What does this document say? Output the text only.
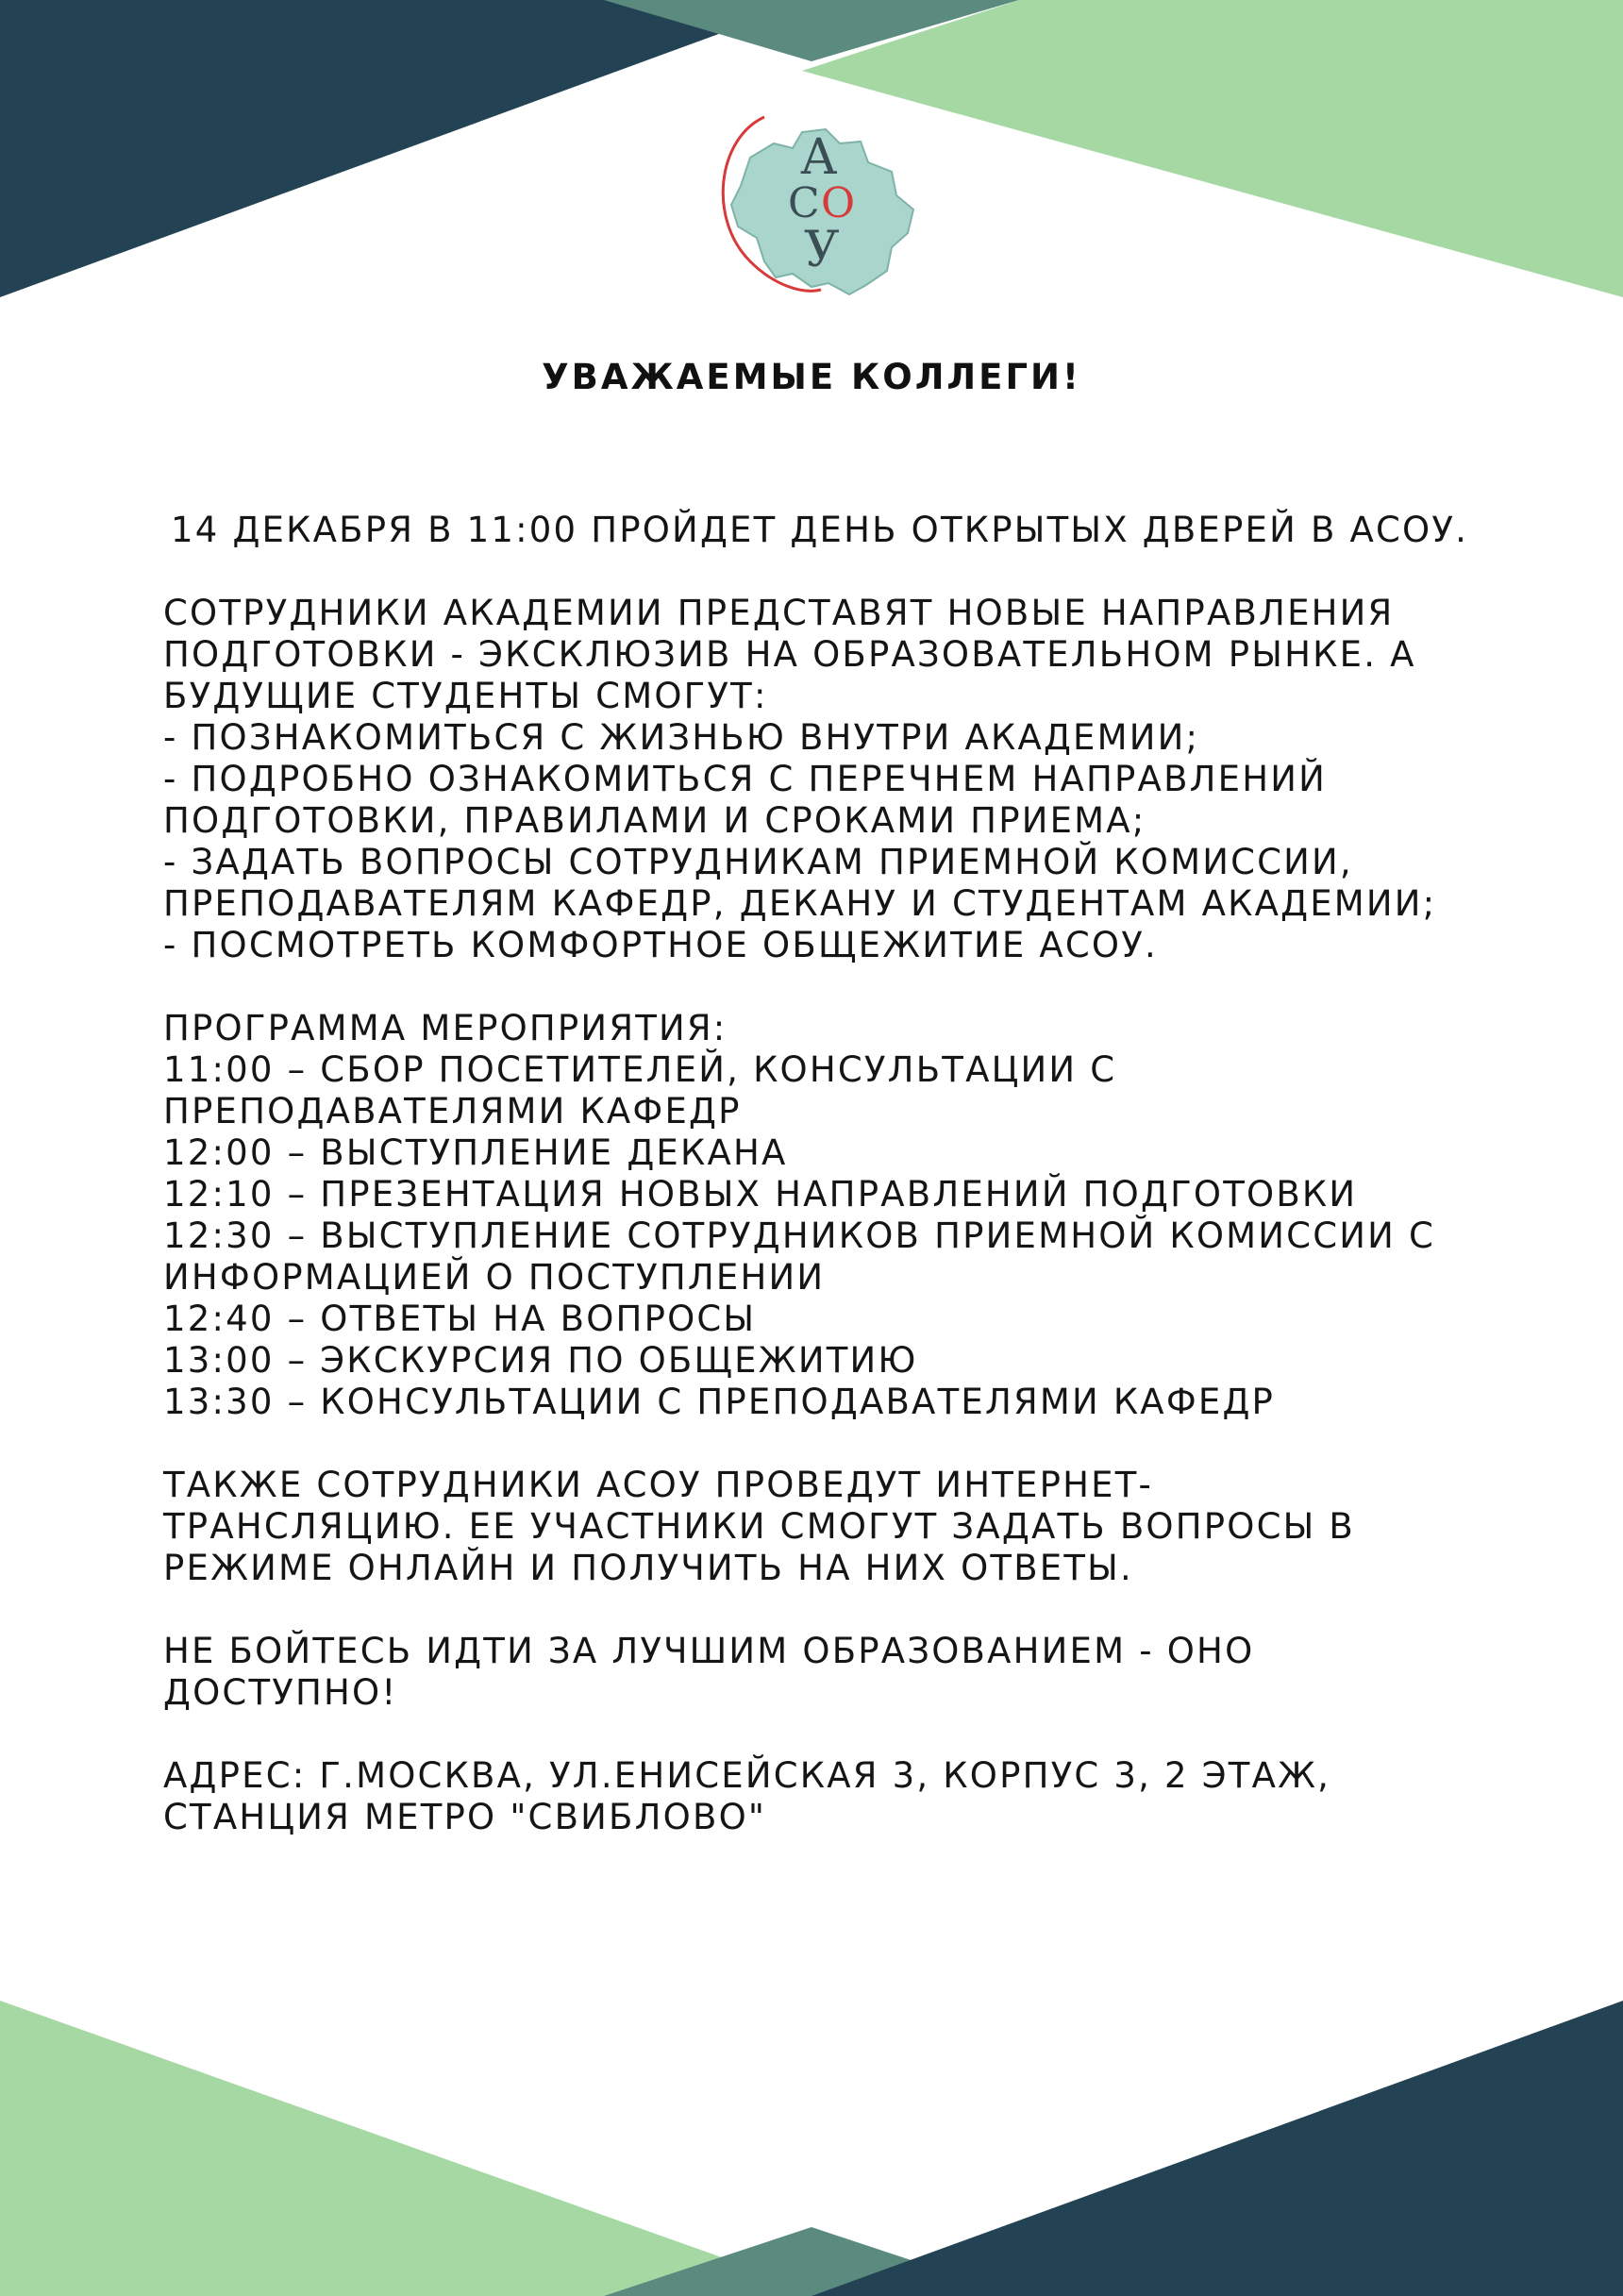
А
С О
У
УВАЖАЕМЫЕ КОЛЛЕГИ!
14 ДЕКАБРЯ В 11:00 ПРОЙДЕТ ДЕНЬ ОТКРЫТЫХ ДВЕРЕЙ В АСОУ.
СОТРУДНИКИ АКАДЕМИИ ПРЕДСТАВЯТ НОВЫЕ НАПРАВЛЕНИЯ
ПОДГОТОВКИ - ЭКСКЛЮЗИВ НА ОБРАЗОВАТЕЛЬНОМ РЫНКЕ. А
БУДУЩИЕ СТУДЕНТЫ СМОГУТ:
- ПОЗНАКОМИТЬСЯ С ЖИЗНЬЮ ВНУТРИ АКАДЕМИИ;
- ПОДРОБНО ОЗНАКОМИТЬСЯ С ПЕРЕЧНЕМ НАПРАВЛЕНИЙ
ПОДГОТОВКИ, ПРАВИЛАМИ И СРОКАМИ ПРИЕМА;
- ЗАДАТЬ ВОПРОСЫ СОТРУДНИКАМ ПРИЕМНОЙ КОМИССИИ,
ПРЕПОДАВАТЕЛЯМ КАФЕДР, ДЕКАНУ И СТУДЕНТАМ АКАДЕМИИ;
- ПОСМОТРЕТЬ КОМФОРТНОЕ ОБЩЕЖИТИЕ АСОУ.
ПРОГРАММА МЕРОПРИЯТИЯ:
11:00 – СБОР ПОСЕТИТЕЛЕЙ, КОНСУЛЬТАЦИИ С
ПРЕПОДАВАТЕЛЯМИ КАФЕДР
12:00 – ВЫСТУПЛЕНИЕ ДЕКАНА
12:10 – ПРЕЗЕНТАЦИЯ НОВЫХ НАПРАВЛЕНИЙ ПОДГОТОВКИ
12:30 – ВЫСТУПЛЕНИЕ СОТРУДНИКОВ ПРИЕМНОЙ КОМИССИИ С
ИНФОРМАЦИЕЙ О ПОСТУПЛЕНИИ
12:40 – ОТВЕТЫ НА ВОПРОСЫ
13:00 – ЭКСКУРСИЯ ПО ОБЩЕЖИТИЮ
13:30 – КОНСУЛЬТАЦИИ С ПРЕПОДАВАТЕЛЯМИ КАФЕДР
ТАКЖЕ СОТРУДНИКИ АСОУ ПРОВЕДУТ ИНТЕРНЕТ-
ТРАНСЛЯЦИЮ. ЕЕ УЧАСТНИКИ СМОГУТ ЗАДАТЬ ВОПРОСЫ В
РЕЖИМЕ ОНЛАЙН И ПОЛУЧИТЬ НА НИХ ОТВЕТЫ.
НЕ БОЙТЕСЬ ИДТИ ЗА ЛУЧШИМ ОБРАЗОВАНИЕМ - ОНО
ДОСТУПНО!
АДРЕС: Г.МОСКВА, УЛ.ЕНИСЕЙСКАЯ 3, КОРПУС 3, 2 ЭТАЖ,
СТАНЦИЯ МЕТРО "СВИБЛОВО"
